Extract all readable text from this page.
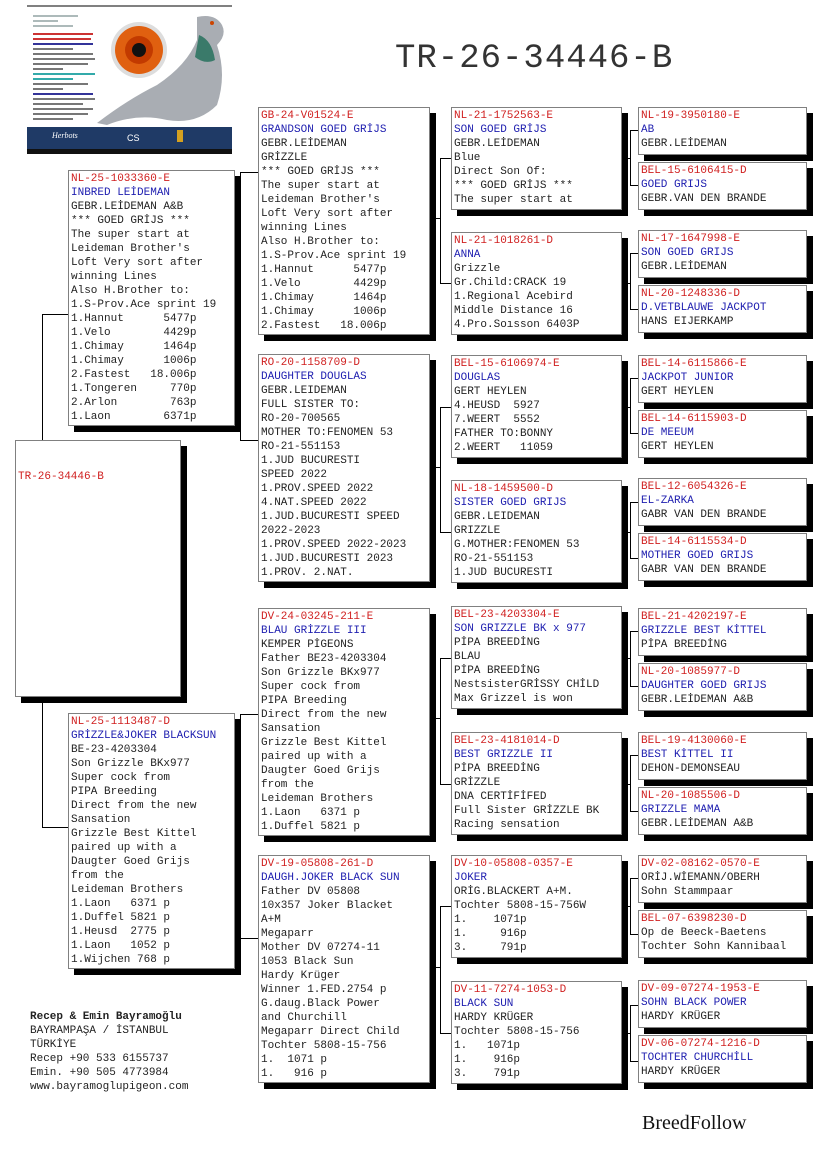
Herbots	CS
TR-26-34446-B

TR-26-34446-B

NL-25-1033360-E
INBRED LEİDEMAN
GEBR.LEİDEMAN A&B
*** GOED GRİJS ***
The super start at
Leideman Brother's
Loft Very sort after
winning Lines
Also H.Brother to:
1.S-Prov.Ace sprint 19
1.Hannut      5477p
1.Velo        4429p
1.Chimay      1464p
1.Chimay      1006p
2.Fastest   18.006p
1.Tongeren     770p
2.Arlon        763p
1.Laon        6371p
NL-25-1113487-D
GRİZZLE&JOKER BLACKSUN
BE-23-4203304
Son Grizzle BKx977
Super cock from
PIPA Breeding
Direct from the new
Sansation
Grizzle Best Kittel
paired up with a
Daugter Goed Grijs
from the
Leideman Brothers
1.Laon   6371 p
1.Duffel 5821 p
1.Heusd  2775 p
1.Laon   1052 p
1.Wijchen 768 p
GB-24-V01524-E
GRANDSON GOED GRİJS
GEBR.LEİDEMAN
GRİZZLE
*** GOED GRİJS ***
The super start at
Leideman Brother's
Loft Very sort after
winning Lines
Also H.Brother to:
1.S-Prov.Ace sprint 19
1.Hannut      5477p
1.Velo        4429p
1.Chimay      1464p
1.Chimay      1006p
2.Fastest   18.006p
RO-20-1158709-D
DAUGHTER DOUGLAS
GEBR.LEIDEMAN
FULL SISTER TO:
RO-20-700565
MOTHER TO:FENOMEN 53
RO-21-551153
1.JUD BUCURESTI
SPEED 2022
1.PROV.SPEED 2022
4.NAT.SPEED 2022
1.JUD.BUCURESTI SPEED
2022-2023
1.PROV.SPEED 2022-2023
1.JUD.BUCURESTI 2023
1.PROV. 2.NAT.
DV-24-03245-211-E
BLAU GRİZZLE III
KEMPER PİGEONS
Father BE23-4203304
Son Grizzle BKx977
Super cock from
PIPA Breeding
Direct from the new
Sansation
Grizzle Best Kittel
paired up with a
Daugter Goed Grijs
from the
Leideman Brothers
1.Laon   6371 p
1.Duffel 5821 p
DV-19-05808-261-D
DAUGH.JOKER BLACK SUN
Father DV 05808
10x357 Joker Blacket
A+M
Megaparr
Mother DV 07274-11
1053 Black Sun
Hardy Krüger
Winner 1.FED.2754 p
G.daug.Black Power
and Churchill
Megaparr Direct Child
Tochter 5808-15-756
1.  1071 p
1.   916 p
NL-21-1752563-E
SON GOED GRİJS
GEBR.LEİDEMAN
Blue
Direct Son Of:
*** GOED GRİJS ***
The super start at
NL-21-1018261-D
ANNA
Grizzle
Gr.Child:CRACK 19
1.Regional Acebird
Middle Distance 16
4.Pro.Soısson 6403P
BEL-15-6106974-E
DOUGLAS
GERT HEYLEN
4.HEUSD  5927
7.WEERT  5552
FATHER TO:BONNY
2.WEERT   11059
NL-18-1459500-D
SISTER GOED GRIJS
GEBR.LEIDEMAN
GRIZZLE
G.MOTHER:FENOMEN 53
RO-21-551153
1.JUD BUCURESTI
BEL-23-4203304-E
SON GRIZZLE BK x 977
PİPA BREEDİNG
BLAU
PİPA BREEDİNG
NestsisterGRİSSY CHİLD
Max Grizzel is won
BEL-23-4181014-D
BEST GRIZZLE II
PİPA BREEDİNG
GRİZZLE
DNA CERTİFİFED
Full Sister GRİZZLE BK
Racing sensation
DV-10-05808-0357-E
JOKER
ORİG.BLACKERT A+M.
Tochter 5808-15-756W
1.    1071p
1.     916p
3.     791p
DV-11-7274-1053-D
BLACK SUN
HARDY KRÜGER
Tochter 5808-15-756
1.   1071p
1.    916p
3.    791p
NL-19-3950180-E
AB
GEBR.LEİDEMAN
BEL-15-6106415-D
GOED GRIJS
GEBR.VAN DEN BRANDE
NL-17-1647998-E
SON GOED GRIJS
GEBR.LEİDEMAN
NL-20-1248336-D
D.VETBLAUWE JACKPOT
HANS EIJERKAMP
BEL-14-6115866-E
JACKPOT JUNIOR
GERT HEYLEN
BEL-14-6115903-D
DE MEEUM
GERT HEYLEN
BEL-12-6054326-E
EL-ZARKA
GABR VAN DEN BRANDE
BEL-14-6115534-D
MOTHER GOED GRIJS
GABR VAN DEN BRANDE
BEL-21-4202197-E
GRIZZLE BEST KİTTEL
PİPA BREEDİNG
NL-20-1085977-D
DAUGHTER GOED GRIJS
GEBR.LEİDEMAN A&B
BEL-19-4130060-E
BEST KİTTEL II
DEHON-DEMONSEAU
NL-20-1085506-D
GRIZZLE MAMA
GEBR.LEİDEMAN A&B
DV-02-08162-0570-E
ORİJ.WİEMANN/OBERH
Sohn Stammpaar
BEL-07-6398230-D
Op de Beeck-Baetens
Tochter Sohn Kannibaal
DV-09-07274-1953-E
SOHN BLACK POWER
HARDY KRÜGER
DV-06-07274-1216-D
TOCHTER CHURCHİLL
HARDY KRÜGER
Recep & Emin Bayramoğlu
BAYRAMPAŞA / İSTANBUL
TÜRKİYE
Recep +90 533 6155737
Emin. +90 505 4773984
www.bayramoglupigeon.com
BreedFollow
